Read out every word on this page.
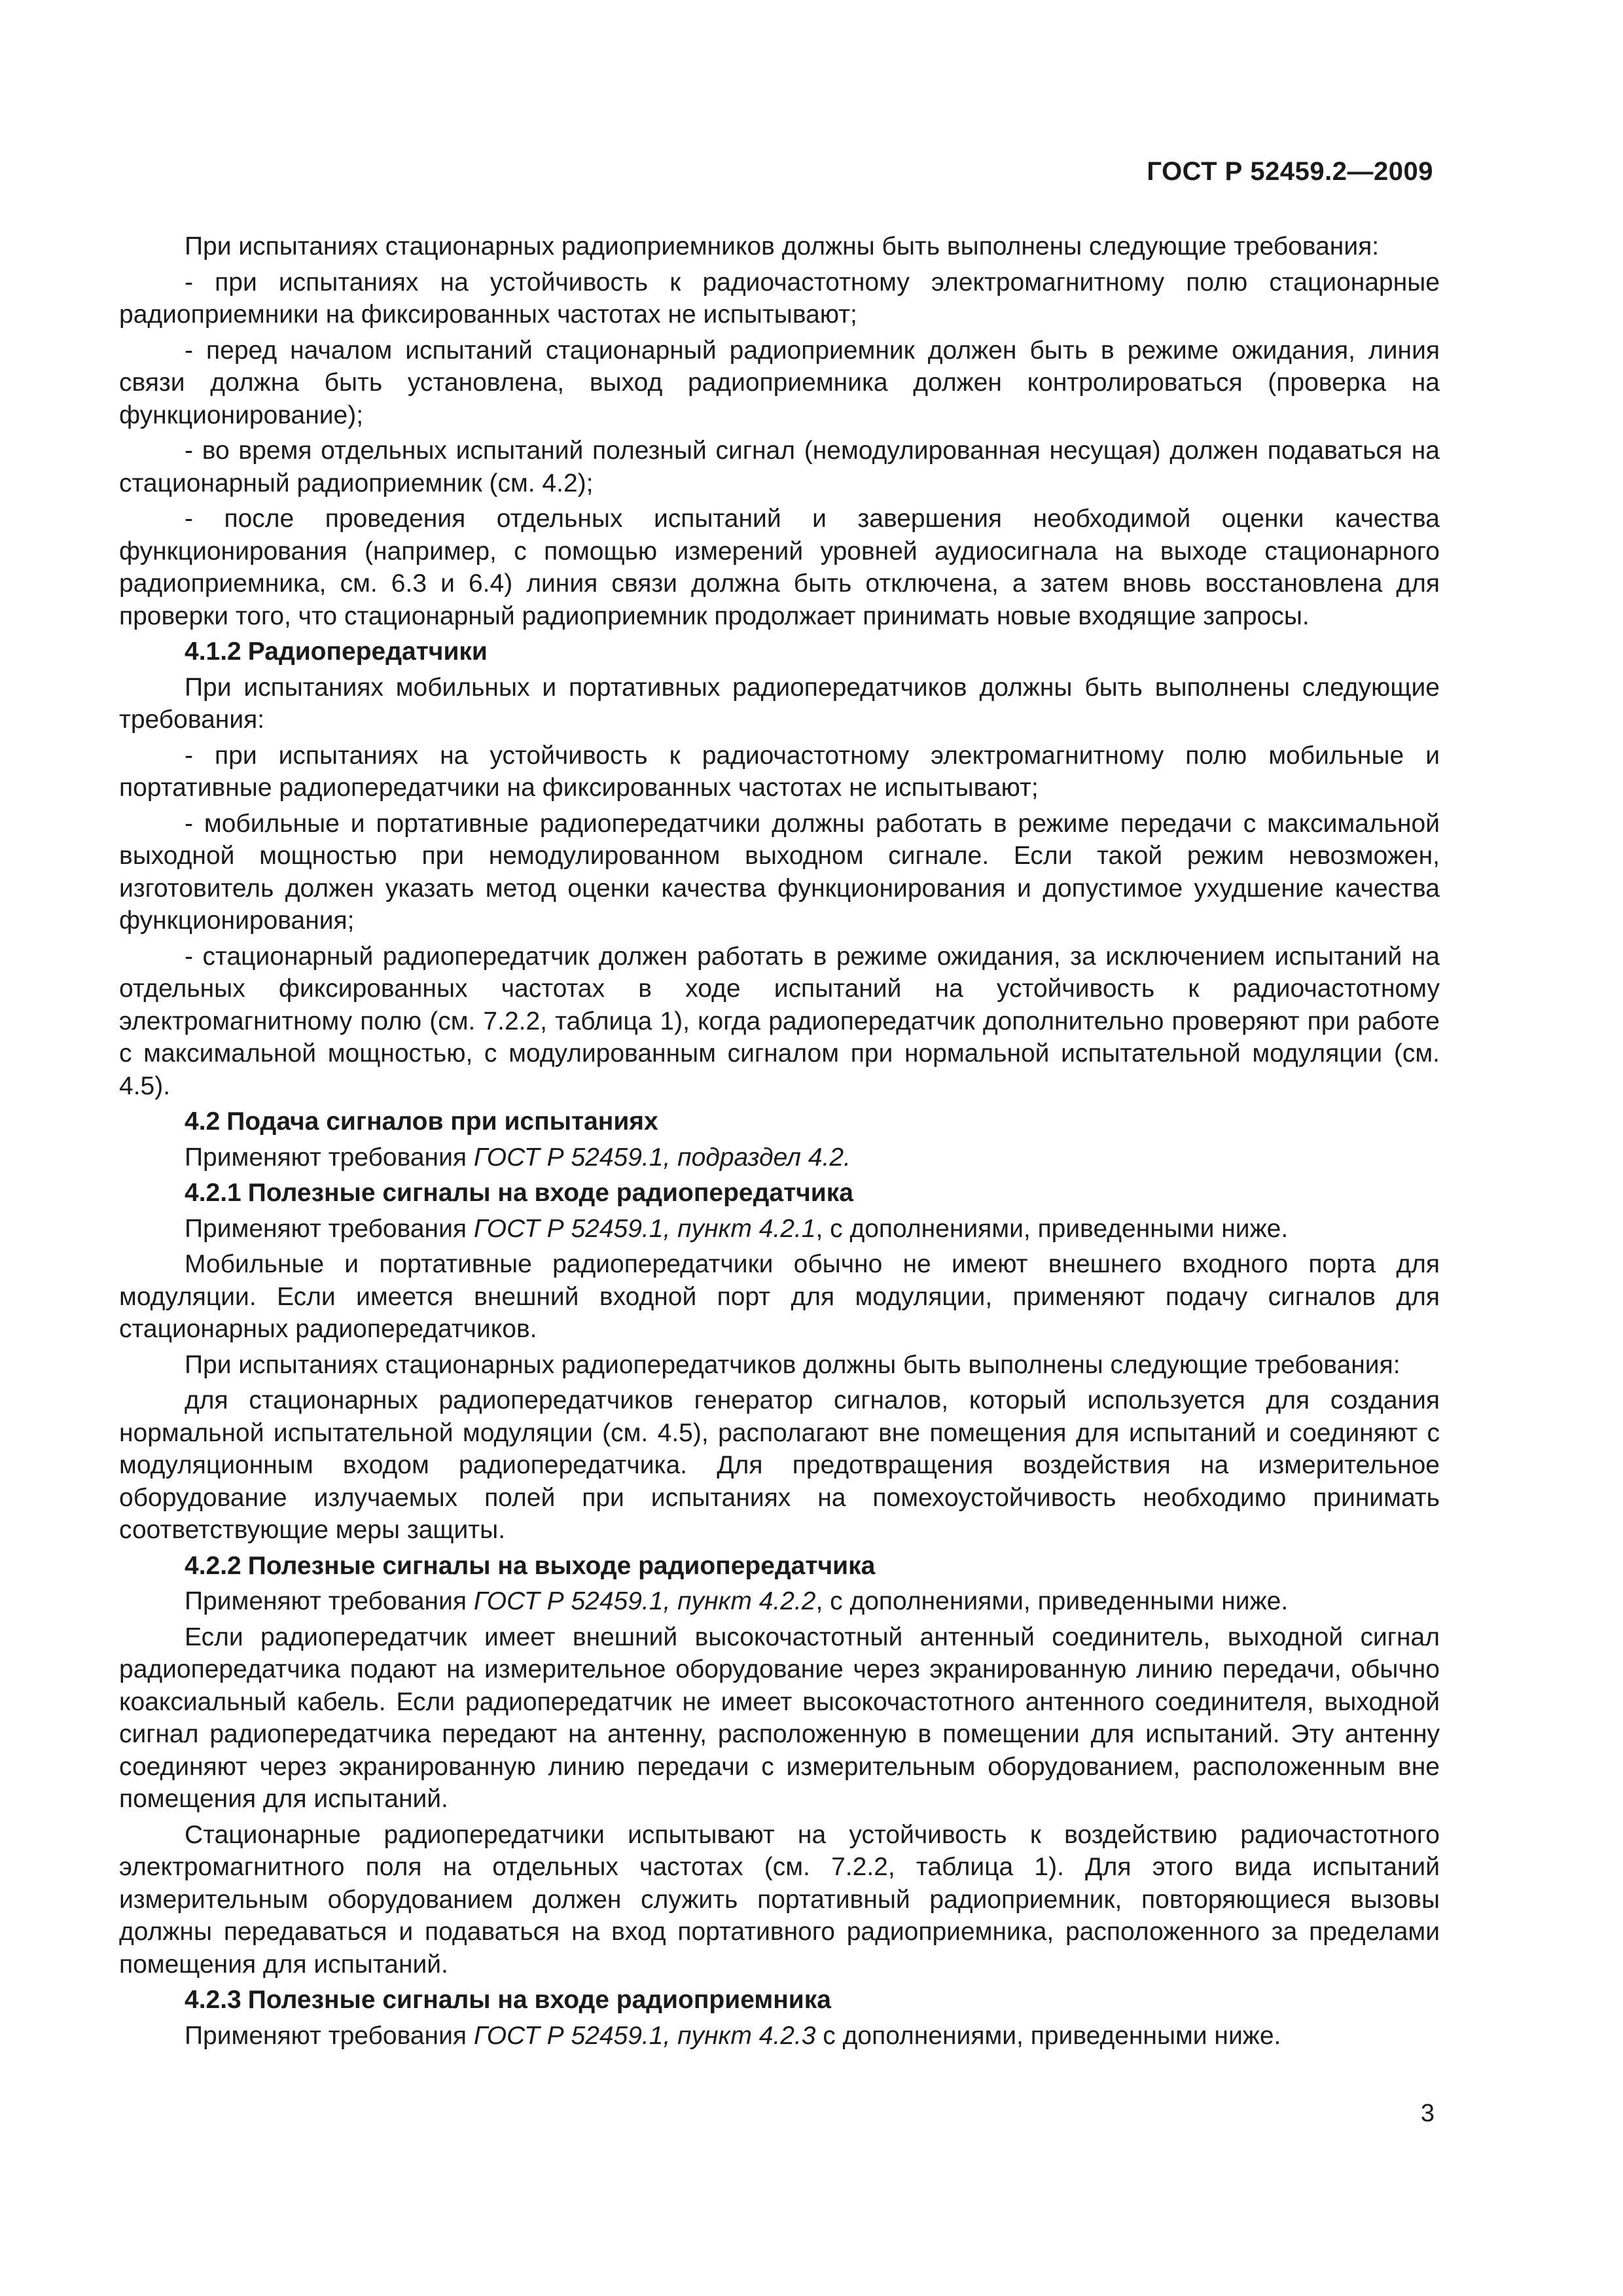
ГОСТ Р 52459.2—2009

При испытаниях стационарных радиоприемников должны быть выполнены следующие требования:

- при испытаниях на устойчивость к радиочастотному электромагнитному полю стационарные радиоприемники на фиксированных частотах не испытывают;

- перед началом испытаний стационарный радиоприемник должен быть в режиме ожидания, линия связи должна быть установлена, выход радиоприемника должен контролироваться (проверка на функционирование);

- во время отдельных испытаний полезный сигнал (немодулированная несущая) должен подаваться на стационарный радиоприемник (см. 4.2);

- после проведения отдельных испытаний и завершения необходимой оценки качества функционирования (например, с помощью измерений уровней аудиосигнала на выходе стационарного радиоприемника, см. 6.3 и 6.4) линия связи должна быть отключена, а затем вновь восстановлена для проверки того, что стационарный радиоприемник продолжает принимать новые входящие запросы.

4.1.2 Радиопередатчики

При испытаниях мобильных и портативных радиопередатчиков должны быть выполнены следующие требования:

- при испытаниях на устойчивость к радиочастотному электромагнитному полю мобильные и портативные радиопередатчики на фиксированных частотах не испытывают;

- мобильные и портативные радиопередатчики должны работать в режиме передачи с максимальной выходной мощностью при немодулированном выходном сигнале. Если такой режим невозможен, изготовитель должен указать метод оценки качества функционирования и допустимое ухудшение качества функционирования;

- стационарный радиопередатчик должен работать в режиме ожидания, за исключением испытаний на отдельных фиксированных частотах в ходе испытаний на устойчивость к радиочастотному электромагнитному полю (см. 7.2.2, таблица 1), когда радиопередатчик дополнительно проверяют при работе с максимальной мощностью, с модулированным сигналом при нормальной испытательной модуляции (см. 4.5).

4.2 Подача сигналов при испытаниях

Применяют требования ГОСТ Р 52459.1, подраздел 4.2.

4.2.1 Полезные сигналы на входе радиопередатчика

Применяют требования ГОСТ Р 52459.1, пункт 4.2.1, с дополнениями, приведенными ниже.

Мобильные и портативные радиопередатчики обычно не имеют внешнего входного порта для модуляции. Если имеется внешний входной порт для модуляции, применяют подачу сигналов для стационарных радиопередатчиков.

При испытаниях стационарных радиопередатчиков должны быть выполнены следующие требования:

для стационарных радиопередатчиков генератор сигналов, который используется для создания нормальной испытательной модуляции (см. 4.5), располагают вне помещения для испытаний и соединяют с модуляционным входом радиопередатчика. Для предотвращения воздействия на измерительное оборудование излучаемых полей при испытаниях на помехоустойчивость необходимо принимать соответствующие меры защиты.

4.2.2 Полезные сигналы на выходе радиопередатчика

Применяют требования ГОСТ Р 52459.1, пункт 4.2.2, с дополнениями, приведенными ниже.

Если радиопередатчик имеет внешний высокочастотный антенный соединитель, выходной сигнал радиопередатчика подают на измерительное оборудование через экранированную линию передачи, обычно коаксиальный кабель. Если радиопередатчик не имеет высокочастотного антенного соединителя, выходной сигнал радиопередатчика передают на антенну, расположенную в помещении для испытаний. Эту антенну соединяют через экранированную линию передачи с измерительным оборудованием, расположенным вне помещения для испытаний.

Стационарные радиопередатчики испытывают на устойчивость к воздействию радиочастотного электромагнитного поля на отдельных частотах (см. 7.2.2, таблица 1). Для этого вида испытаний измерительным оборудованием должен служить портативный радиоприемник, повторяющиеся вызовы должны передаваться и подаваться на вход портативного радиоприемника, расположенного за пределами помещения для испытаний.

4.2.3 Полезные сигналы на входе радиоприемника

Применяют требования ГОСТ Р 52459.1, пункт 4.2.3 с дополнениями, приведенными ниже.

3
